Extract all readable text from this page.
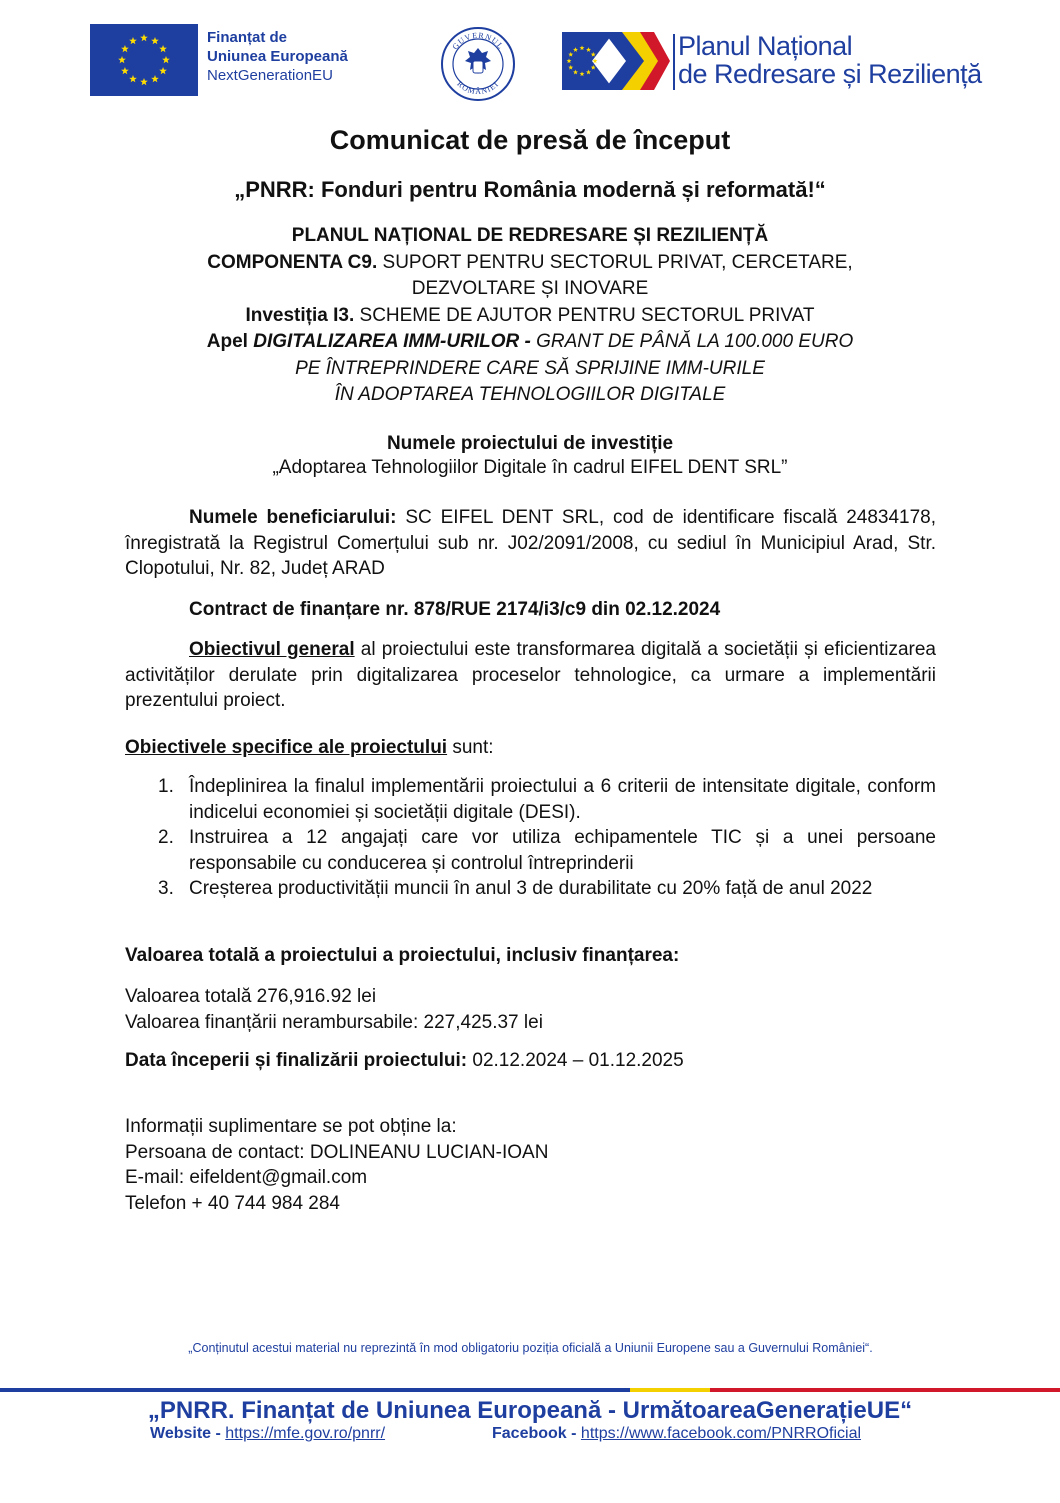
Finanțat de
Uniunea Europeană
NextGenerationEU
GUVERNUL
ROMÂNIEI
Planul Național
de Redresare și Reziliență
Comunicat de presă de început
„PNRR: Fonduri pentru România modernă și reformată!“
PLANUL NAȚIONAL DE REDRESARE ȘI REZILIENȚĂ
COMPONENTA C9. SUPORT PENTRU SECTORUL PRIVAT, CERCETARE,
DEZVOLTARE ȘI INOVARE
Investiția I3. SCHEME DE AJUTOR PENTRU SECTORUL PRIVAT
Apel DIGITALIZAREA IMM-URILOR - GRANT DE PÂNĂ LA 100.000 EURO
PE ÎNTREPRINDERE CARE SĂ SPRIJINE IMM-URILE
ÎN ADOPTAREA TEHNOLOGIILOR DIGITALE
Numele proiectului de investiție
„Adoptarea Tehnologiilor Digitale în cadrul EIFEL DENT SRL”
Numele beneficiarului: SC EIFEL DENT SRL, cod de identificare fiscală 24834178, înregistrată la Registrul Comerțului sub nr. J02/2091/2008, cu sediul în Municipiul Arad, Str. Clopotului, Nr. 82, Județ ARAD
Contract de finanțare nr. 878/RUE 2174/i3/c9 din 02.12.2024
Obiectivul general al proiectului este transformarea digitală a societății și eficientizarea activităților derulate prin digitalizarea proceselor tehnologice, ca urmare a implementării prezentului proiect.
Obiectivele specifice ale proiectului sunt:
1. Îndeplinirea la finalul implementării proiectului a 6 criterii de intensitate digitale, conform indicelui economiei și societății digitale (DESI).
2. Instruirea a 12 angajați care vor utiliza echipamentele TIC și a unei persoane responsabile cu conducerea și controlul întreprinderii
3. Creșterea productivității muncii în anul 3 de durabilitate cu 20% față de anul 2022
Valoarea totală a proiectului a proiectului, inclusiv finanțarea:
Valoarea totală 276,916.92 lei
Valoarea finanțării nerambursabile: 227,425.37 lei
Data începerii și finalizării proiectului: 02.12.2024 – 01.12.2025
Informații suplimentare se pot obține la:
Persoana de contact: DOLINEANU LUCIAN-IOAN
E-mail: eifeldent@gmail.com
Telefon + 40 744 984 284
„Conținutul acestui material nu reprezintă în mod obligatoriu poziția oficială a Uniunii Europene sau a Guvernului României“.
„PNRR. Finanțat de Uniunea Europeană - UrmătoareaGenerațieUE“
Website - https://mfe.gov.ro/pnrr/	Facebook - https://www.facebook.com/PNRROficial
